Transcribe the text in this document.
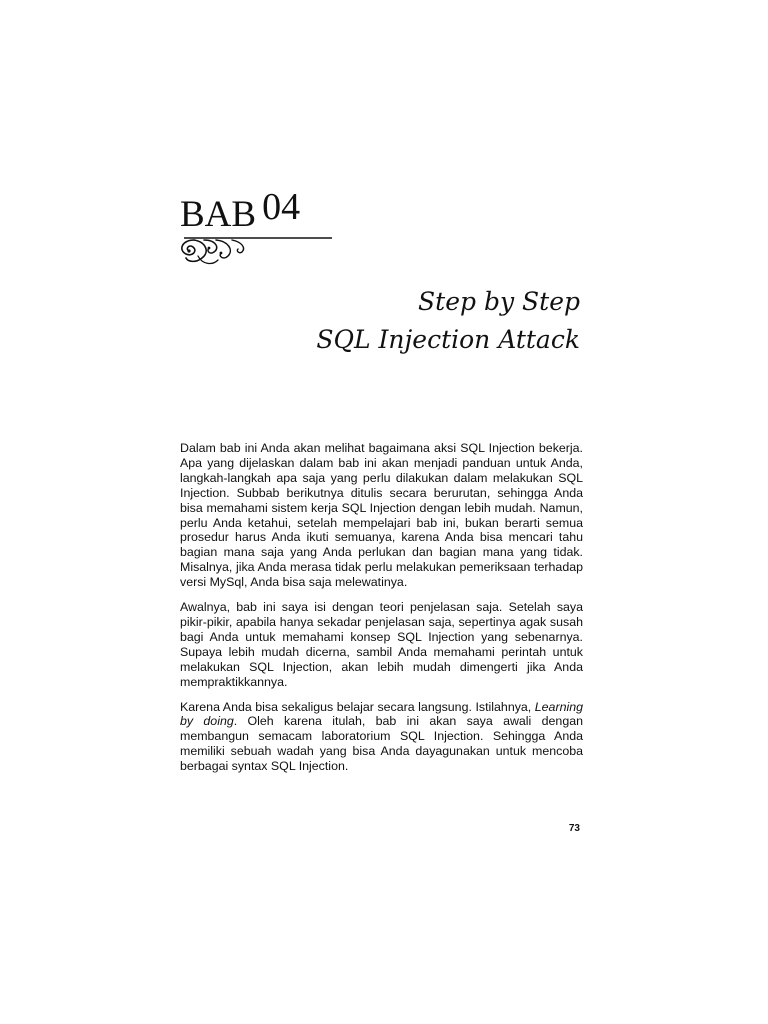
BAB 04
Step by Step
SQL Injection Attack

Dalam bab ini Anda akan melihat bagaimana aksi SQL Injection bekerja. Apa yang dijelaskan dalam bab ini akan menjadi panduan untuk Anda, langkah-langkah apa saja yang perlu dilakukan dalam melakukan SQL Injection. Subbab berikutnya ditulis secara berurutan, sehingga Anda bisa memahami sistem kerja SQL Injection dengan lebih mudah. Namun, perlu Anda ketahui, setelah mempelajari bab ini, bukan berarti semua prosedur harus Anda ikuti semuanya, karena Anda bisa mencari tahu bagian mana saja yang Anda perlukan dan bagian mana yang tidak. Misalnya, jika Anda merasa tidak perlu melakukan pemeriksaan terhadap versi MySql, Anda bisa saja melewatinya.

Awalnya, bab ini saya isi dengan teori penjelasan saja. Setelah saya pikir-pikir, apabila hanya sekadar penjelasan saja, sepertinya agak susah bagi Anda untuk memahami konsep SQL Injection yang sebenarnya. Supaya lebih mudah dicerna, sambil Anda memahami perintah untuk melakukan SQL Injection, akan lebih mudah dimengerti jika Anda mempraktikkannya.

Karena Anda bisa sekaligus belajar secara langsung. Istilahnya, Learning by doing. Oleh karena itulah, bab ini akan saya awali dengan membangun semacam laboratorium SQL Injection. Sehingga Anda memiliki sebuah wadah yang bisa Anda dayagunakan untuk mencoba berbagai syntax SQL Injection.

73
